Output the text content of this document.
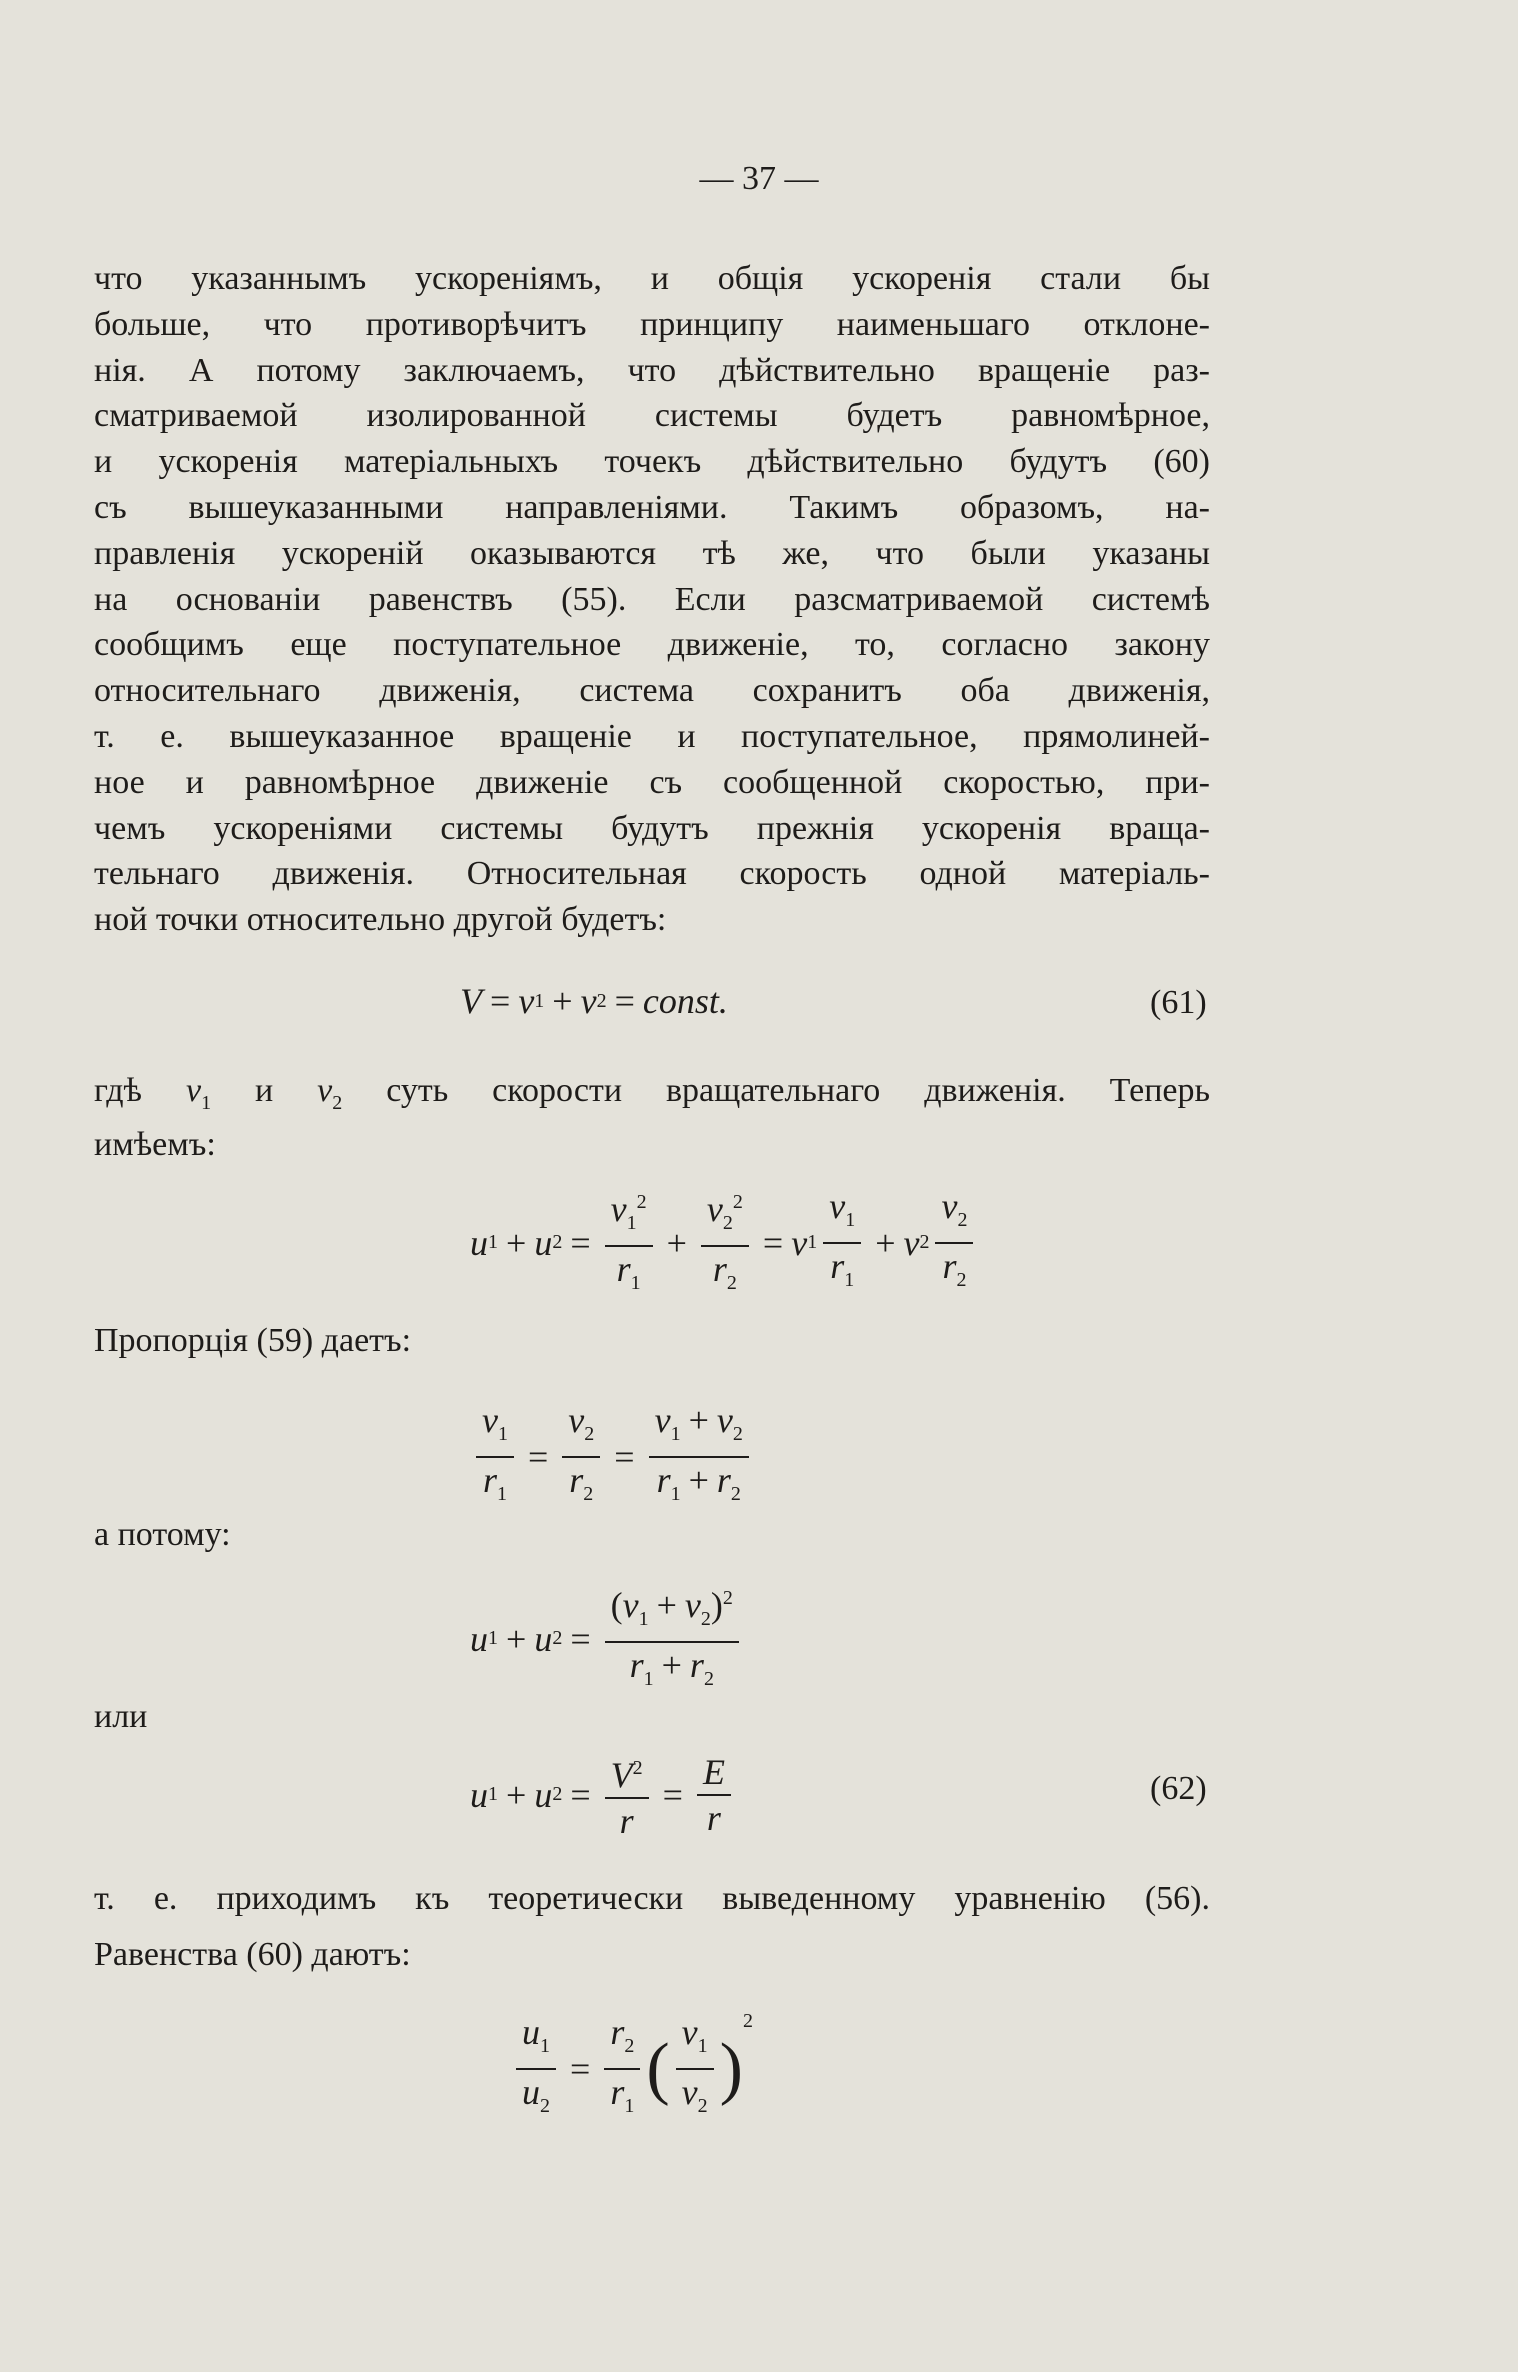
— 37 —
что указаннымъ ускореніямъ, и общія ускоренія стали бы
больше, что противорѣчитъ принципу наименьшаго отклоне-
нія. А потому заключаемъ, что дѣйствительно вращеніе раз-
сматриваемой изолированной системы будетъ равномѣрное,
и ускоренія матеріальныхъ точекъ дѣйствительно будутъ (60)
съ вышеуказанными направленіями. Такимъ образомъ, на-
правленія ускореній оказываются тѣ же, что были указаны
на основаніи равенствъ (55). Если разсматриваемой системѣ
сообщимъ еще поступательное движеніе, то, согласно закону
относительнаго движенія, система сохранитъ оба движенія,
т. е. вышеуказанное вращеніе и поступательное, прямолиней-
ное и равномѣрное движеніе съ сообщенной скоростью, при-
чемъ ускореніями системы будутъ прежнія ускоренія враща-
тельнаго движенія. Относительная скорость одной матеріаль-
ной точки относительно другой будетъ:
V = v 1 + v 2 = const.	(61)
гдѣ $v_1$ и $v_2$ суть скорости вращательнаго движенія. Теперь
имѣемъ:
u 1 + u $2 = \frac{v_1^2}{r_1} + \frac{v_2^2}{r_2} = v$ $1 \frac{v_1}{r_1} + v$ $2 \frac{v_2}{r_2}$
Пропорція (59) даетъ:
$\frac{v_1}{r_1} = \frac{v_2}{r_2} = \frac{v_1 + v_2}{r_1 + r_2}$
а потому:
u 1 + u $2 = \frac{(v_1 + v_2)^2}{r_1 + r_2}$
или
u 1 + u $2 = \frac{V^2}{r} = \frac{E}{r}$	(62)
т. е. приходимъ къ теоретически выведенному уравненію (56).
Равенства (60) даютъ:
$\frac{u_1}{u_2} = \frac{r_2}{r_1}$ ( $\frac{v_1}{v_2}$ )
2
